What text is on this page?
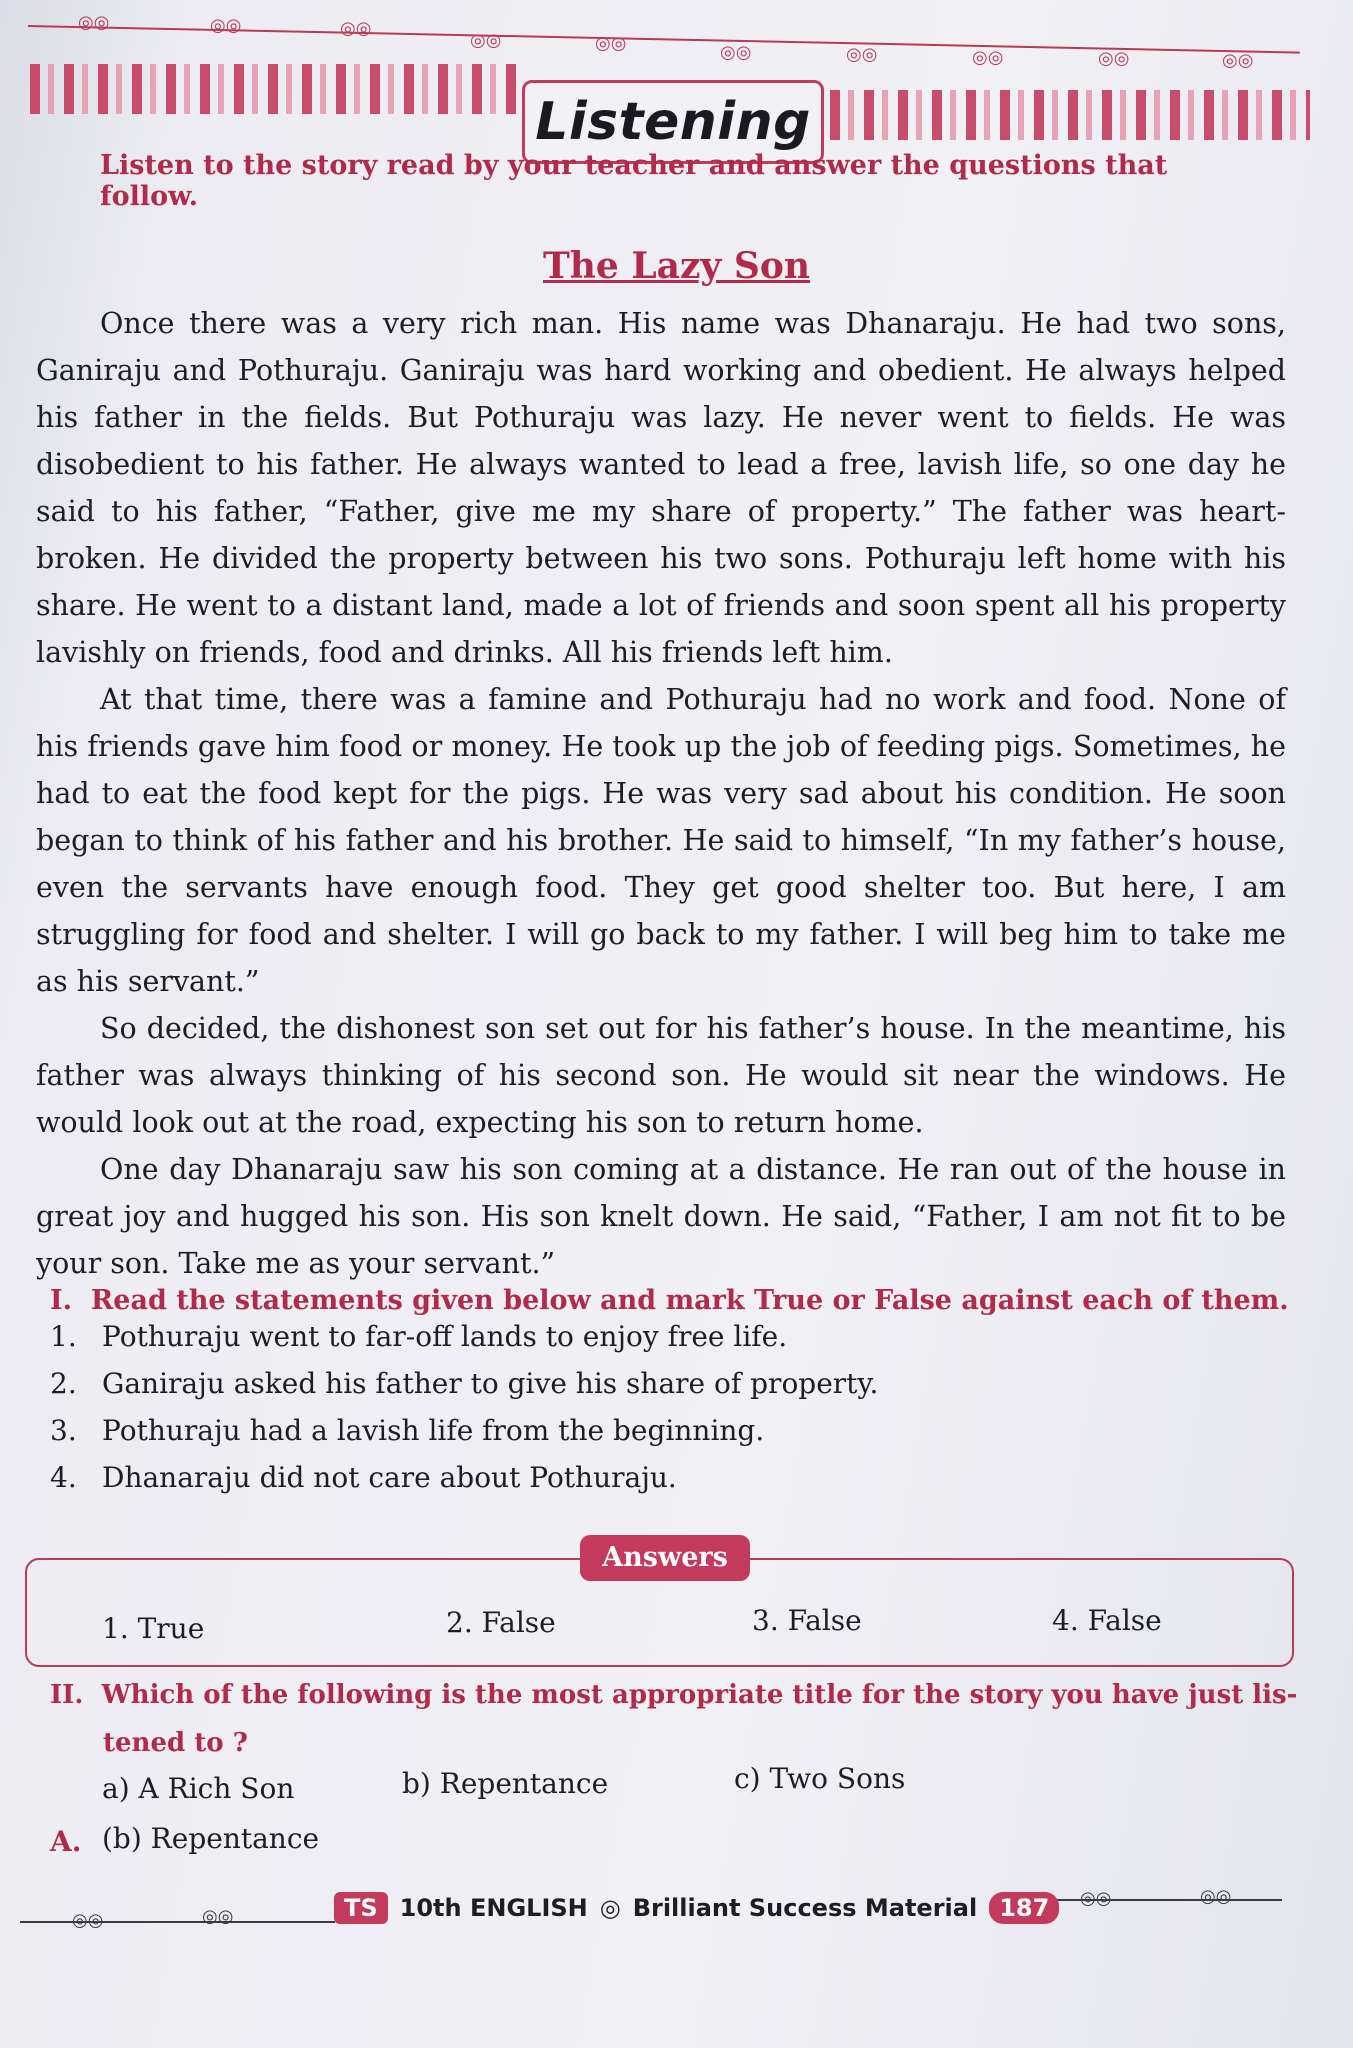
◎◎	◎◎	◎◎
◎◎	◎◎	◎◎	◎◎	◎◎	◎◎	◎◎
Listening
Listen to the story read by your teacher and answer the questions that follow.
The Lazy Son

Once there was a very rich man. His name was Dhanaraju. He had two sons, Ganiraju and Pothuraju. Ganiraju was hard working and obedient. He always helped his father in the fields. But Pothuraju was lazy. He never went to fields. He was disobedient to his father. He always wanted to lead a free, lavish life, so one day he said to his father, “Father, give me my share of property.” The father was heart-broken. He divided the property between his two sons. Pothuraju left home with his share. He went to a distant land, made a lot of friends and soon spent all his property lavishly on friends, food and drinks. All his friends left him.

At that time, there was a famine and Pothuraju had no work and food. None of his friends gave him food or money. He took up the job of feeding pigs. Sometimes, he had to eat the food kept for the pigs. He was very sad about his condition. He soon began to think of his father and his brother. He said to himself, “In my father’s house, even the servants have enough food. They get good shelter too. But here, I am struggling for food and shelter. I will go back to my father. I will beg him to take me as his servant.”

So decided, the dishonest son set out for his father’s house. In the meantime, his father was always thinking of his second son. He would sit near the windows. He would look out at the road, expecting his son to return home.

One day Dhanaraju saw his son coming at a distance. He ran out of the house in great joy and hugged his son. His son knelt down. He said, “Father, I am not fit to be your son. Take me as your servant.”

I.  Read the statements given below and mark True or False against each of them.
1. Pothuraju went to far-off lands to enjoy free life.
2. Ganiraju asked his father to give his share of property.
3. Pothuraju had a lavish life from the beginning.
4. Dhanaraju did not care about Pothuraju.
Answers
1. True	2. False	3. False	4. False
II.  Which of the following is the most appropriate title for the story you have just lis-
tened to ?
a) A Rich Son	b) Repentance	c) Two Sons
A. (b) Repentance
◎◎	◎◎
◎◎	◎◎
TS 10th ENGLISH ◎ Brilliant Success Material 187
